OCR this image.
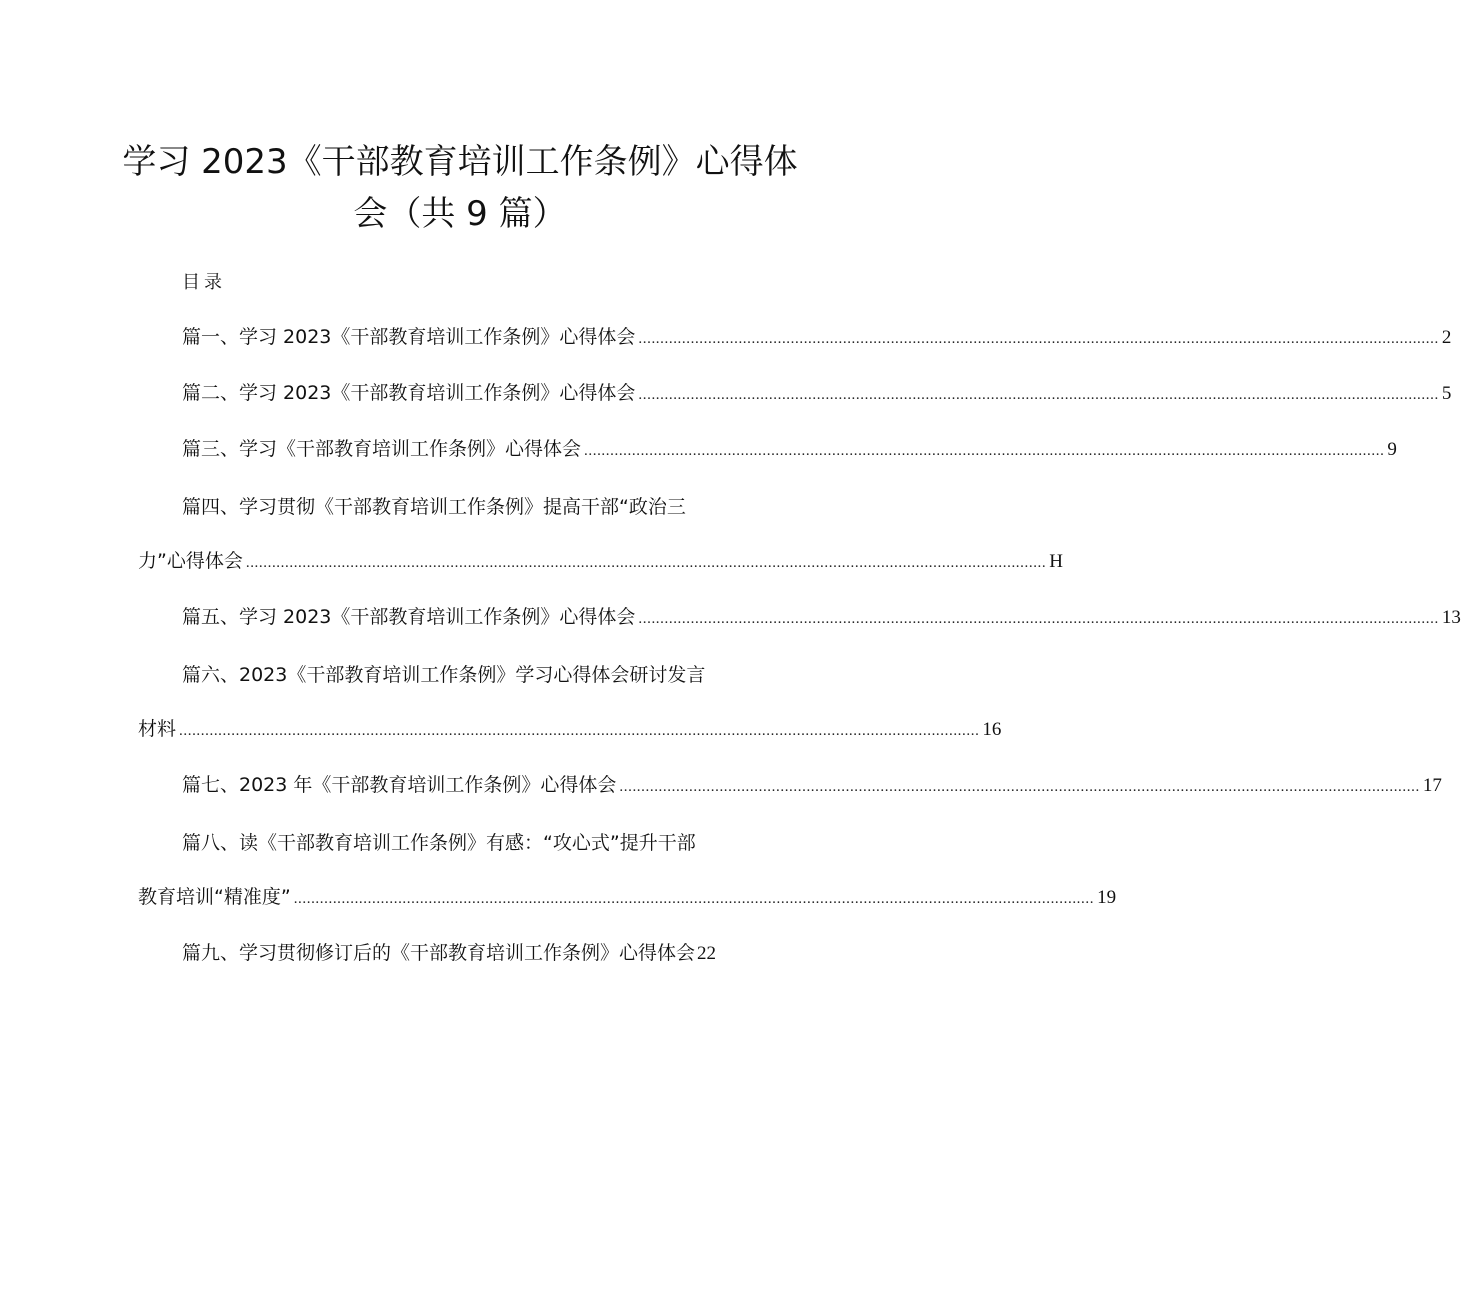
学习 2023《干部教育培训工作条例》心得体
会（共 9 篇）

目录

篇一、学习 2023《干部教育培训工作条例》心得体会 ........................................................................................................................................................................................ 2
篇二、学习 2023《干部教育培训工作条例》心得体会 ........................................................................................................................................................................................ 5
篇三、学习《干部教育培训工作条例》心得体会 ........................................................................................................................................................................................ 9
篇四、学习贯彻《干部教育培训工作条例》提高干部“政治三
力”心得体会 ........................................................................................................................................................................................ H
篇五、学习 2023《干部教育培训工作条例》心得体会 ........................................................................................................................................................................................ 13
篇六、2023《干部教育培训工作条例》学习心得体会研讨发言
材料 ........................................................................................................................................................................................ 16
篇七、2023 年《干部教育培训工作条例》心得体会 ........................................................................................................................................................................................ 17
篇八、读《干部教育培训工作条例》有感：“攻心式”提升干部
教育培训“精准度” ........................................................................................................................................................................................ 19
篇九、学习贯彻修订后的《干部教育培训工作条例》心得体会 22
